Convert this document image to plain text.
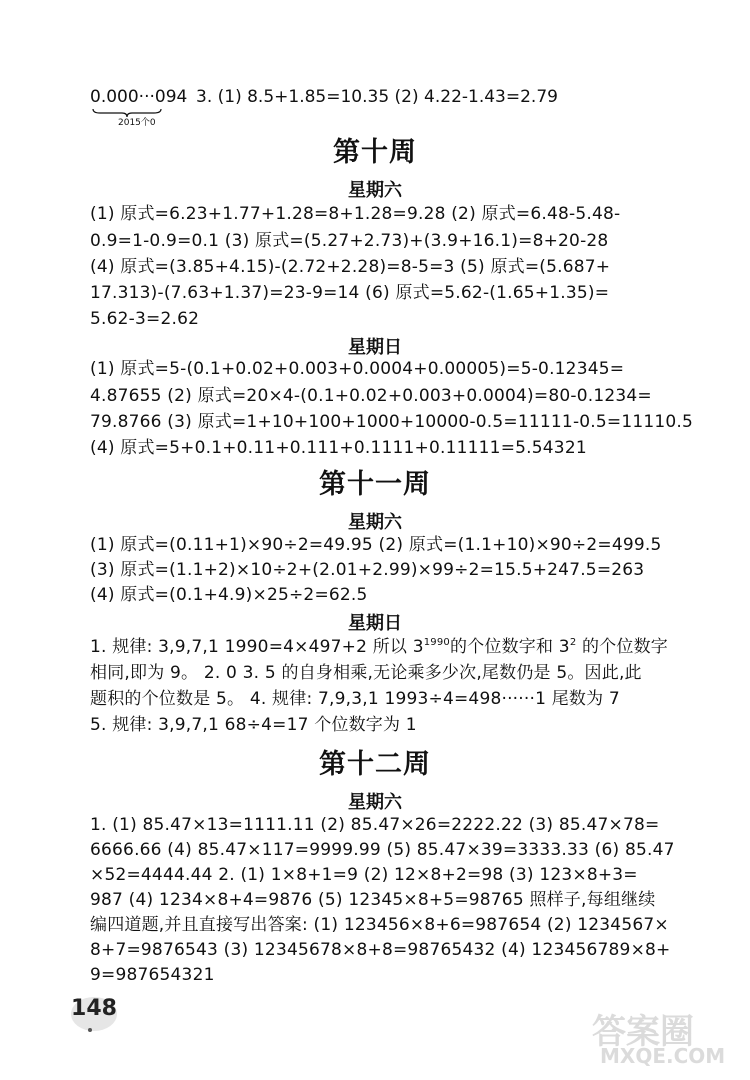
0.000···094
2015个0
3. (1) 8.5+1.85=10.35 (2) 4.22-1.43=2.79
第十周
星期六
(1) 原式=6.23+1.77+1.28=8+1.28=9.28 (2) 原式=6.48-5.48-
0.9=1-0.9=0.1 (3) 原式=(5.27+2.73)+(3.9+16.1)=8+20-28
(4) 原式=(3.85+4.15)-(2.72+2.28)=8-5=3 (5) 原式=(5.687+
17.313)-(7.63+1.37)=23-9=14 (6) 原式=5.62-(1.65+1.35)=
5.62-3=2.62
星期日
(1) 原式=5-(0.1+0.02+0.003+0.0004+0.00005)=5-0.12345=
4.87655 (2) 原式=20×4-(0.1+0.02+0.003+0.0004)=80-0.1234=
79.8766 (3) 原式=1+10+100+1000+10000-0.5=11111-0.5=11110.5
(4) 原式=5+0.1+0.11+0.111+0.1111+0.11111=5.54321
第十一周
星期六
(1) 原式=(0.11+1)×90÷2=49.95 (2) 原式=(1.1+10)×90÷2=499.5
(3) 原式=(1.1+2)×10÷2+(2.01+2.99)×99÷2=15.5+247.5=263
(4) 原式=(0.1+4.9)×25÷2=62.5
星期日
1. 规律: 3,9,7,1 1990=4×497+2 所以 $3^{1990}$的个位数字和 $3^2$ 的个位数字
相同,即为 9。 2. 0 3. 5 的自身相乘,无论乘多少次,尾数仍是 5。因此,此
题积的个位数是 5。 4. 规律: 7,9,3,1 1993÷4=498······1 尾数为 7
5. 规律: 3,9,7,1 68÷4=17 个位数字为 1
第十二周
星期六
1. (1) 85.47×13=1111.11 (2) 85.47×26=2222.22 (3) 85.47×78=
6666.66 (4) 85.47×117=9999.99 (5) 85.47×39=3333.33 (6) 85.47
×52=4444.44 2. (1) 1×8+1=9 (2) 12×8+2=98 (3) 123×8+3=
987 (4) 1234×8+4=9876 (5) 12345×8+5=98765 照样子,每组继续
编四道题,并且直接写出答案: (1) 123456×8+6=987654 (2) 1234567×
8+7=9876543 (3) 12345678×8+8=98765432 (4) 123456789×8+
9=987654321
148
答案圈
MXQE.COM
